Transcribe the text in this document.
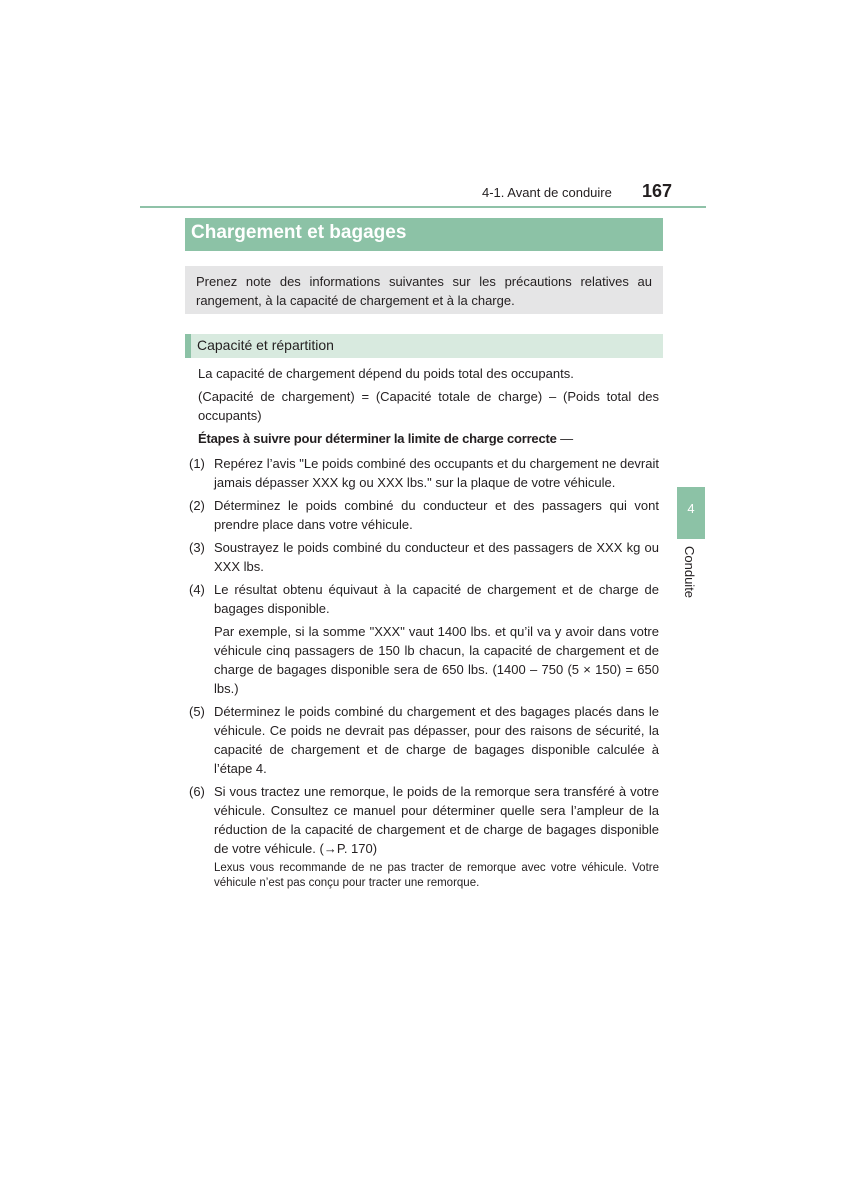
4-1. Avant de conduire 167
Chargement et bagages

Prenez note des informations suivantes sur les précautions relatives au rangement, à la capacité de chargement et à la charge.

Capacité et répartition

La capacité de chargement dépend du poids total des occupants.

(Capacité de chargement) = (Capacité totale de charge) – (Poids total des occupants)

Étapes à suivre pour déterminer la limite de charge correcte —

(1) Repérez l’avis "Le poids combiné des occupants et du chargement ne devrait jamais dépasser XXX kg ou XXX lbs." sur la plaque de votre véhicule.
(2) Déterminez le poids combiné du conducteur et des passagers qui vont prendre place dans votre véhicule.
(3) Soustrayez le poids combiné du conducteur et des passagers de XXX kg ou XXX lbs.
(4) Le résultat obtenu équivaut à la capacité de chargement et de charge de bagages disponible.
Par exemple, si la somme "XXX" vaut 1400 lbs. et qu’il va y avoir dans votre véhicule cinq passagers de 150 lb chacun, la capacité de chargement et de charge de bagages disponible sera de 650 lbs. (1400 – 750 (5 × 150) = 650 lbs.)
(5) Déterminez le poids combiné du chargement et des bagages placés dans le véhicule. Ce poids ne devrait pas dépasser, pour des raisons de sécurité, la capacité de chargement et de charge de bagages disponible calculée à l’étape 4.
(6) Si vous tractez une remorque, le poids de la remorque sera transféré à votre véhicule. Consultez ce manuel pour déterminer quelle sera l’ampleur de la réduction de la capacité de chargement et de charge de bagages disponible de votre véhicule. (→P. 170)
Lexus vous recommande de ne pas tracter de remorque avec votre véhicule. Votre véhicule n’est pas conçu pour tracter une remorque.
4
Conduite
